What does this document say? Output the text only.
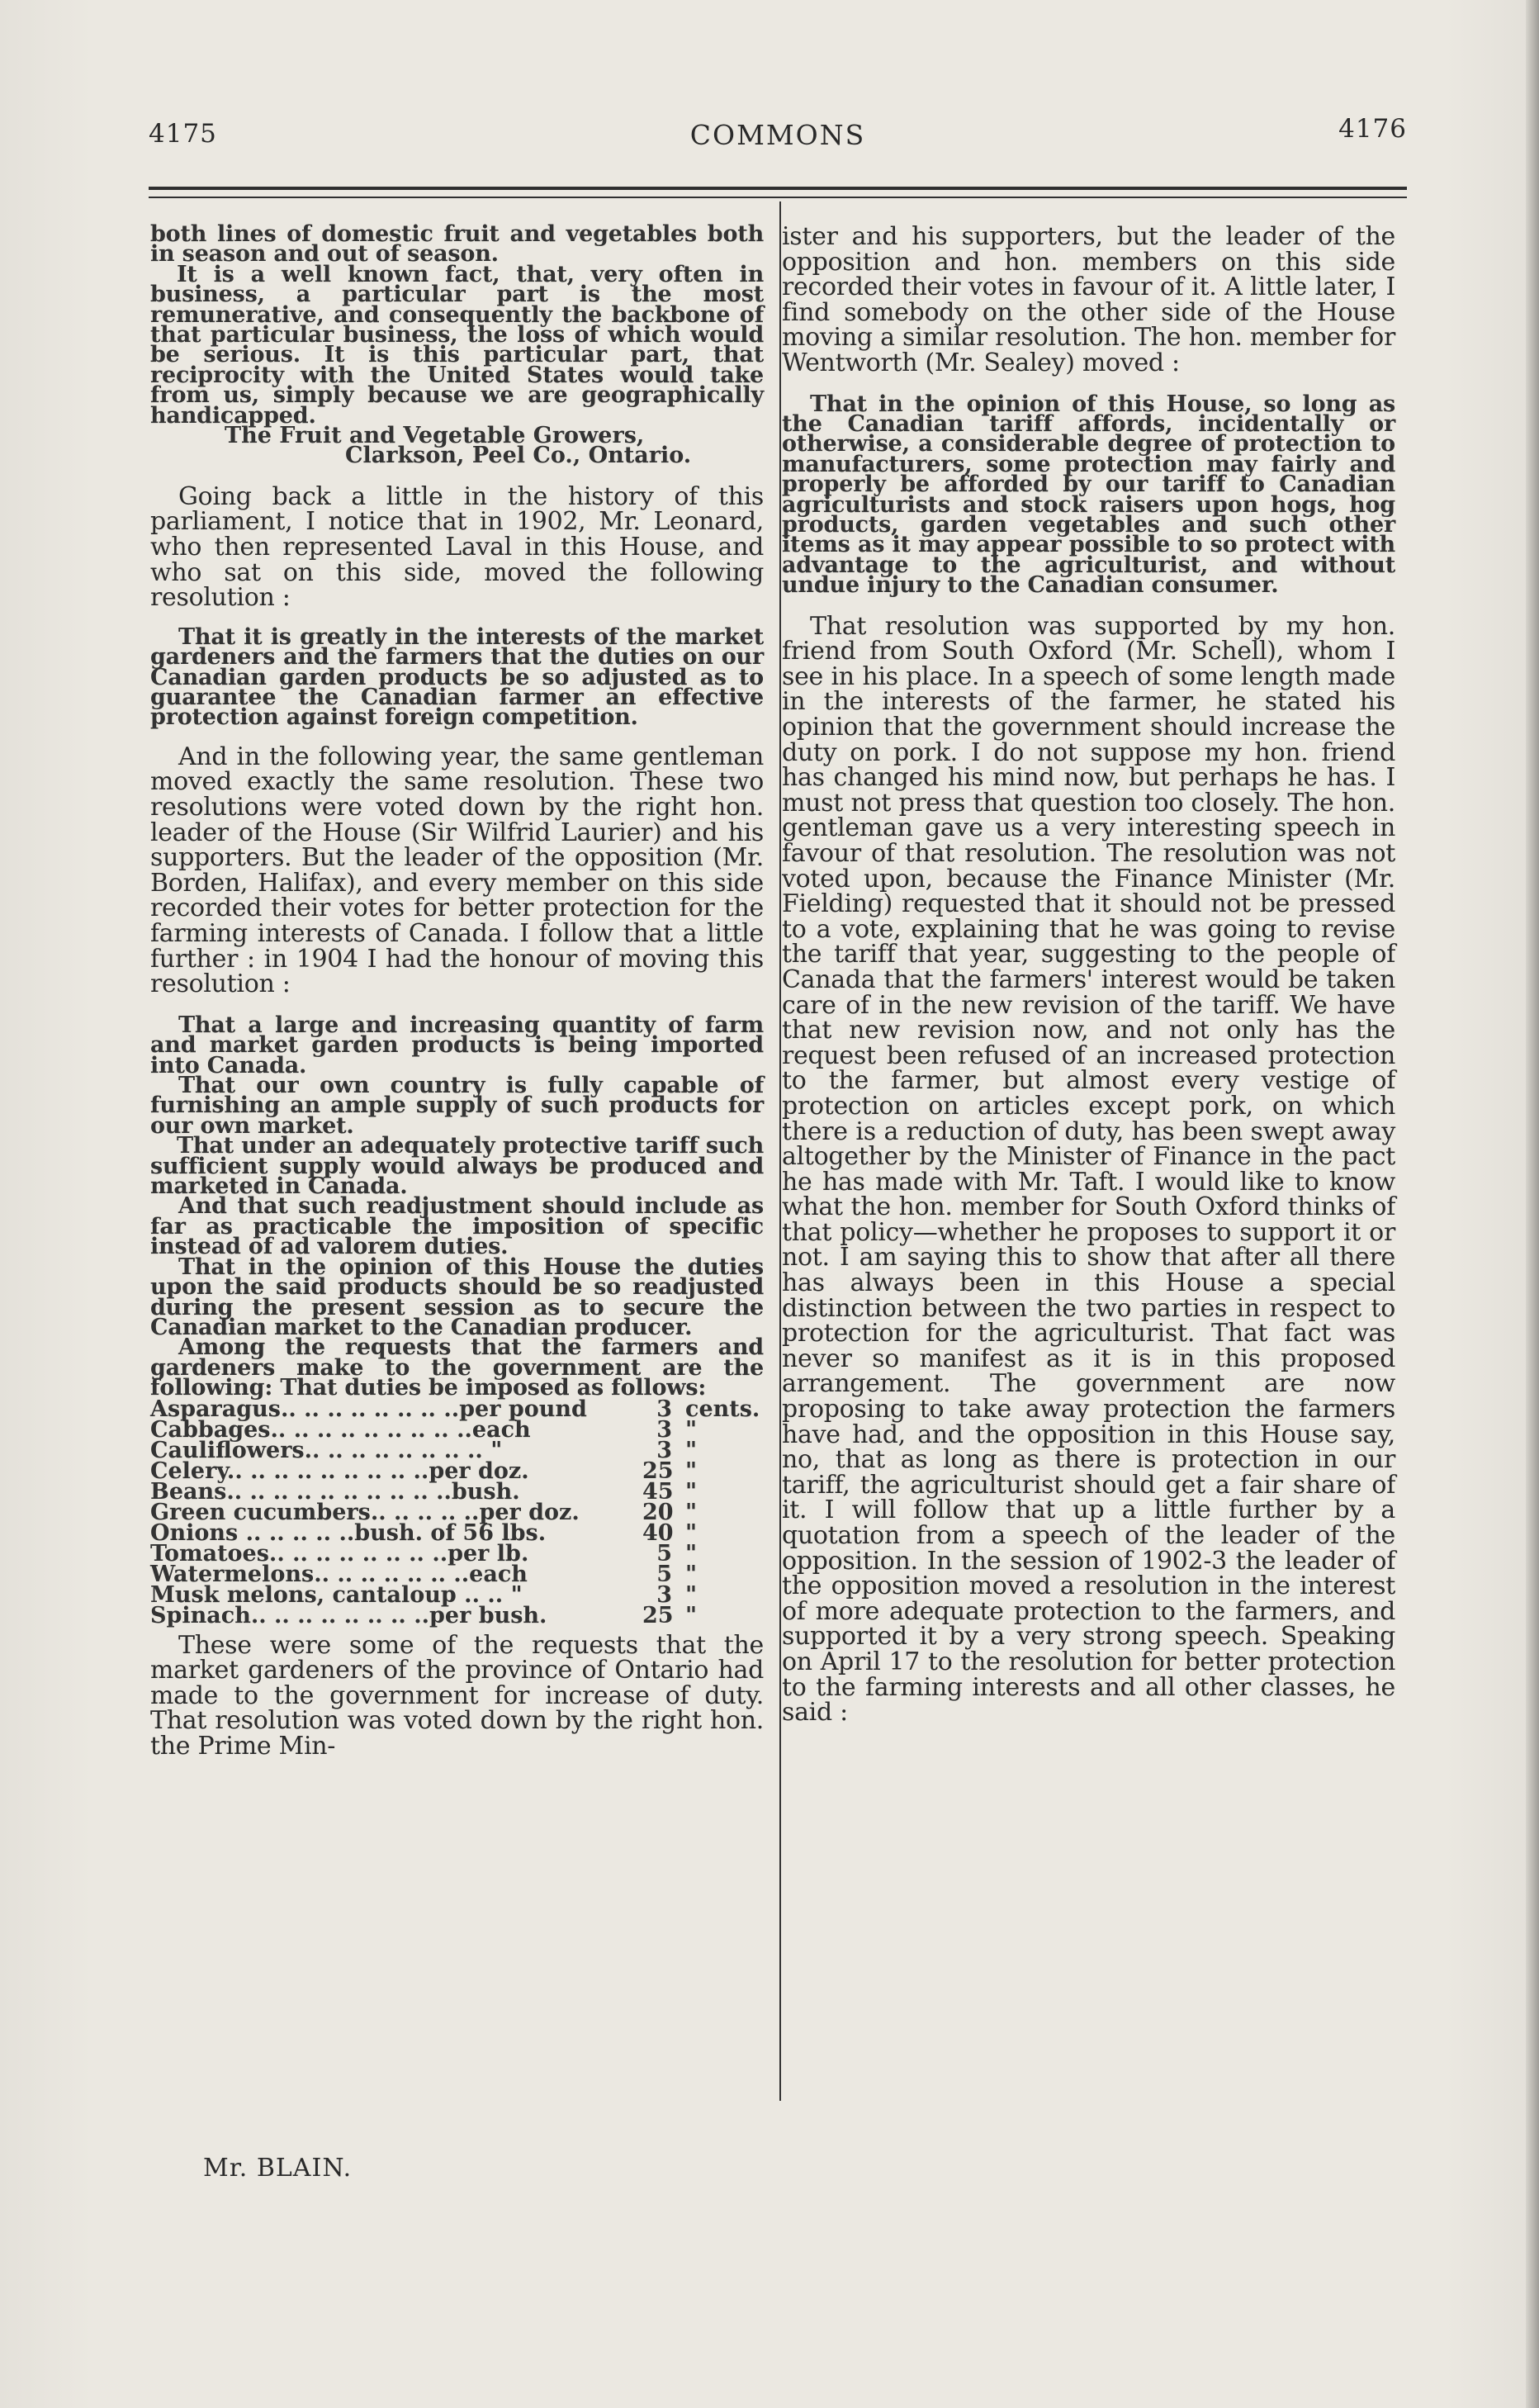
4175	COMMONS	4176

both lines of domestic fruit and vegetables both in season and out of season.

It is a well known fact, that, very often in business, a particular part is the most remunerative, and consequently the backbone of that particular business, the loss of which would be serious. It is this particular part, that reciprocity with the United States would take from us, simply because we are geographically handicapped.

The Fruit and Vegetable Growers,
Clarkson, Peel Co., Ontario.

Going back a little in the history of this parliament, I notice that in 1902, Mr. Leonard, who then represented Laval in this House, and who sat on this side, moved the following resolution :

That it is greatly in the interests of the market gardeners and the farmers that the duties on our Canadian garden products be so adjusted as to guarantee the Canadian farmer an effective protection against foreign competition.

And in the following year, the same gentleman moved exactly the same resolution. These two resolutions were voted down by the right hon. leader of the House (Sir Wilfrid Laurier) and his supporters. But the leader of the opposition (Mr. Borden, Halifax), and every member on this side recorded their votes for better protection for the farming interests of Canada. I follow that a little further : in 1904 I had the honour of moving this resolution :

That a large and increasing quantity of farm and market garden products is being imported into Canada.

That our own country is fully capable of furnishing an ample supply of such products for our own market.

That under an adequately protective tariff such sufficient supply would always be produced and marketed in Canada.

And that such readjustment should include as far as practicable the imposition of specific instead of ad valorem duties.

That in the opinion of this House the duties upon the said products should be so readjusted during the present session as to secure the Canadian market to the Canadian producer.

Among the requests that the farmers and gardeners make to the government are the following: That duties be imposed as follows:

Asparagus.. .. .. .. .. .. .. ..per pound	3 cents.
Cabbages.. .. .. .. .. .. .. .. ..each	3 "
Cauliflowers.. .. .. .. .. .. .. .. "	3 "
Celery.. .. .. .. .. .. .. .. ..per doz.	25 "
Beans.. .. .. .. .. .. .. .. .. ..bush.	45 "
Green cucumbers.. .. .. .. ..per doz.	20 "
Onions .. .. .. .. ..bush. of 56 lbs.	40 "
Tomatoes.. .. .. .. .. .. .. ..per lb.	5 "
Watermelons.. .. .. .. .. .. ..each	5 "
Musk melons, cantaloup .. .. "	3 "
Spinach.. .. .. .. .. .. .. ..per bush.	25 "

These were some of the requests that the market gardeners of the province of Ontario had made to the government for increase of duty. That resolution was voted down by the right hon. the Prime Min-

Mr. BLAIN.

ister and his supporters, but the leader of the opposition and hon. members on this side recorded their votes in favour of it. A little later, I find somebody on the other side of the House moving a similar resolution. The hon. member for Wentworth (Mr. Sealey) moved :

That in the opinion of this House, so long as the Canadian tariff affords, incidentally or otherwise, a considerable degree of protection to manufacturers, some protection may fairly and properly be afforded by our tariff to Canadian agriculturists and stock raisers upon hogs, hog products, garden vegetables and such other items as it may appear possible to so protect with advantage to the agriculturist, and without undue injury to the Canadian consumer.

That resolution was supported by my hon. friend from South Oxford (Mr. Schell), whom I see in his place. In a speech of some length made in the interests of the farmer, he stated his opinion that the government should increase the duty on pork. I do not suppose my hon. friend has changed his mind now, but perhaps he has. I must not press that question too closely. The hon. gentleman gave us a very interesting speech in favour of that resolution. The resolution was not voted upon, because the Finance Minister (Mr. Fielding) requested that it should not be pressed to a vote, explaining that he was going to revise the tariff that year, suggesting to the people of Canada that the farmers' interest would be taken care of in the new revision of the tariff. We have that new revision now, and not only has the request been refused of an increased protection to the farmer, but almost every vestige of protection on articles except pork, on which there is a reduction of duty, has been swept away altogether by the Minister of Finance in the pact he has made with Mr. Taft. I would like to know what the hon. member for South Oxford thinks of that policy—whether he proposes to support it or not. I am saying this to show that after all there has always been in this House a special distinction between the two parties in respect to protection for the agriculturist. That fact was never so manifest as it is in this proposed arrangement. The government are now proposing to take away protection the farmers have had, and the opposition in this House say, no, that as long as there is protection in our tariff, the agriculturist should get a fair share of it. I will follow that up a little further by a quotation from a speech of the leader of the opposition. In the session of 1902-3 the leader of the opposition moved a resolution in the interest of more adequate protection to the farmers, and supported it by a very strong speech. Speaking on April 17 to the resolution for better protection to the farming interests and all other classes, he said :
